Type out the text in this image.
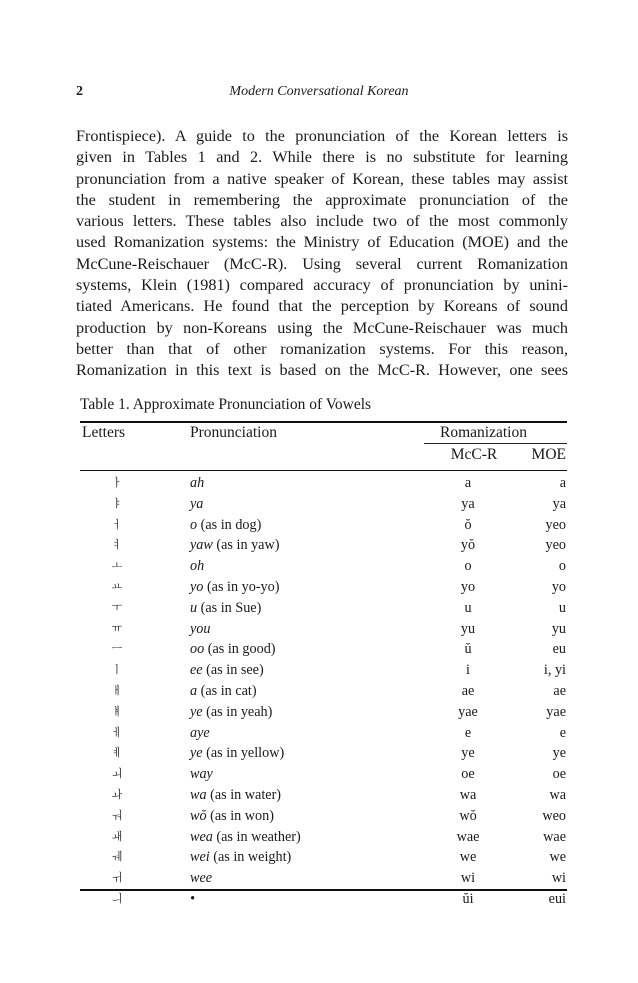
2	Modern Conversational Korean
Frontispiece). A guide to the pronunciation of the Korean letters is
given in Tables 1 and 2. While there is no substitute for learning
pronunciation from a native speaker of Korean, these tables may assist
the student in remembering the approximate pronunciation of the
various letters. These tables also include two of the most commonly
used Romanization systems: the Ministry of Education (MOE) and the
McCune-Reischauer (McC-R). Using several current Romanization
systems, Klein (1981) compared accuracy of pronunciation by unini-
tiated Americans. He found that the perception by Koreans of sound
production by non-Koreans using the McCune-Reischauer was much
better than that of other romanization systems. For this reason,
Romanization in this text is based on the McC-R. However, one sees
Table 1. Approximate Pronunciation of Vowels
Letters	Pronunciation	Romanization
McC-R	MOE
ㅏ	ah	a	a
ㅑ	ya	ya	ya
ㅓ	o (as in dog)	ŏ	yeo
ㅕ	yaw (as in yaw)	yŏ	yeo
ㅗ	oh	o	o
ㅛ	yo (as in yo-yo)	yo	yo
ㅜ	u (as in Sue)	u	u
ㅠ	you	yu	yu
ㅡ	oo (as in good)	ŭ	eu
ㅣ	ee (as in see)	i	i, yi
ㅐ	a (as in cat)	ae	ae
ㅒ	ye (as in yeah)	yae	yae
ㅔ	aye	e	e
ㅖ	ye (as in yellow)	ye	ye
ㅚ	way	oe	oe
ㅘ	wa (as in water)	wa	wa
ㅝ	wŏ (as in won)	wŏ	weo
ㅙ	wea (as in weather)	wae	wae
ㅞ	wei (as in weight)	we	we
ㅟ	wee	wi	wi
ㅢ	•	ŭi	eui
